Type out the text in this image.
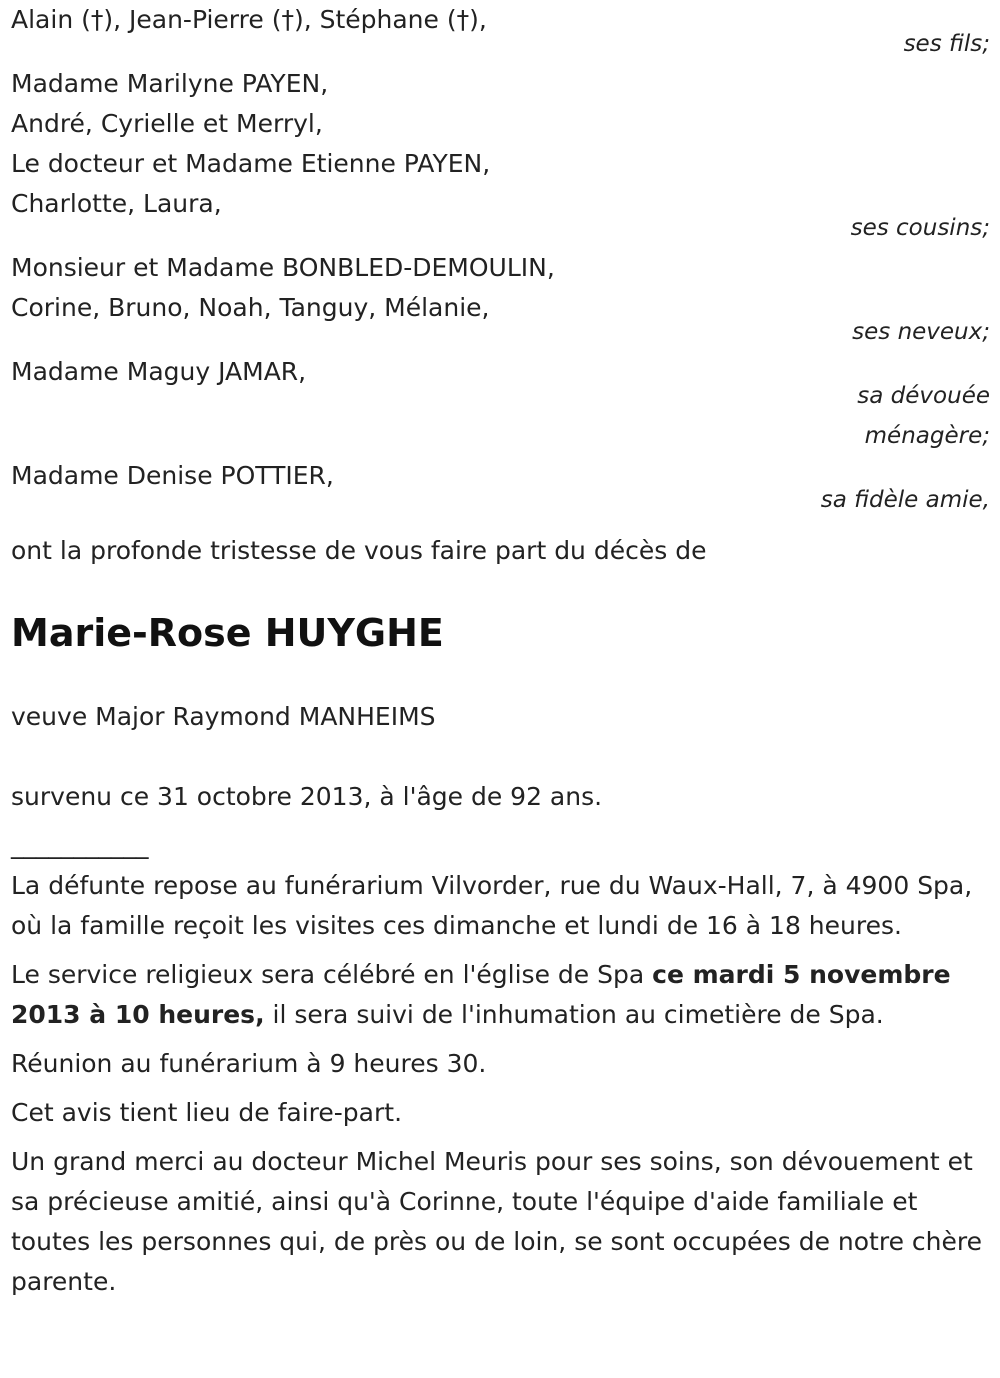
Alain (†), Jean-Pierre (†), Stéphane (†),
ses fils;
Madame Marilyne PAYEN,
André, Cyrielle et Merryl,
Le docteur et Madame Etienne PAYEN,
Charlotte, Laura,
ses cousins;
Monsieur et Madame BONBLED-DEMOULIN,
Corine, Bruno, Noah, Tanguy, Mélanie,
ses neveux;
Madame Maguy JAMAR,
sa dévouée
ménagère;
Madame Denise POTTIER,
sa fidèle amie,
ont la profonde tristesse de vous faire part du décès de
Marie-Rose HUYGHE
veuve Major Raymond MANHEIMS
survenu ce 31 octobre 2013, à l'âge de 92 ans.
___________
La défunte repose au funérarium Vilvorder, rue du Waux-Hall, 7, à 4900 Spa, où la famille reçoit les visites ces dimanche et lundi de 16 à 18 heures.
Le service religieux sera célébré en l'église de Spa ce mardi 5 novembre 2013 à 10 heures, il sera suivi de l'inhumation au cimetière de Spa.
Réunion au funérarium à 9 heures 30.
Cet avis tient lieu de faire-part.
Un grand merci au docteur Michel Meuris pour ses soins, son dévouement et sa précieuse amitié, ainsi qu'à Corinne, toute l'équipe d'aide familiale et toutes les personnes qui, de près ou de loin, se sont occupées de notre chère parente.
